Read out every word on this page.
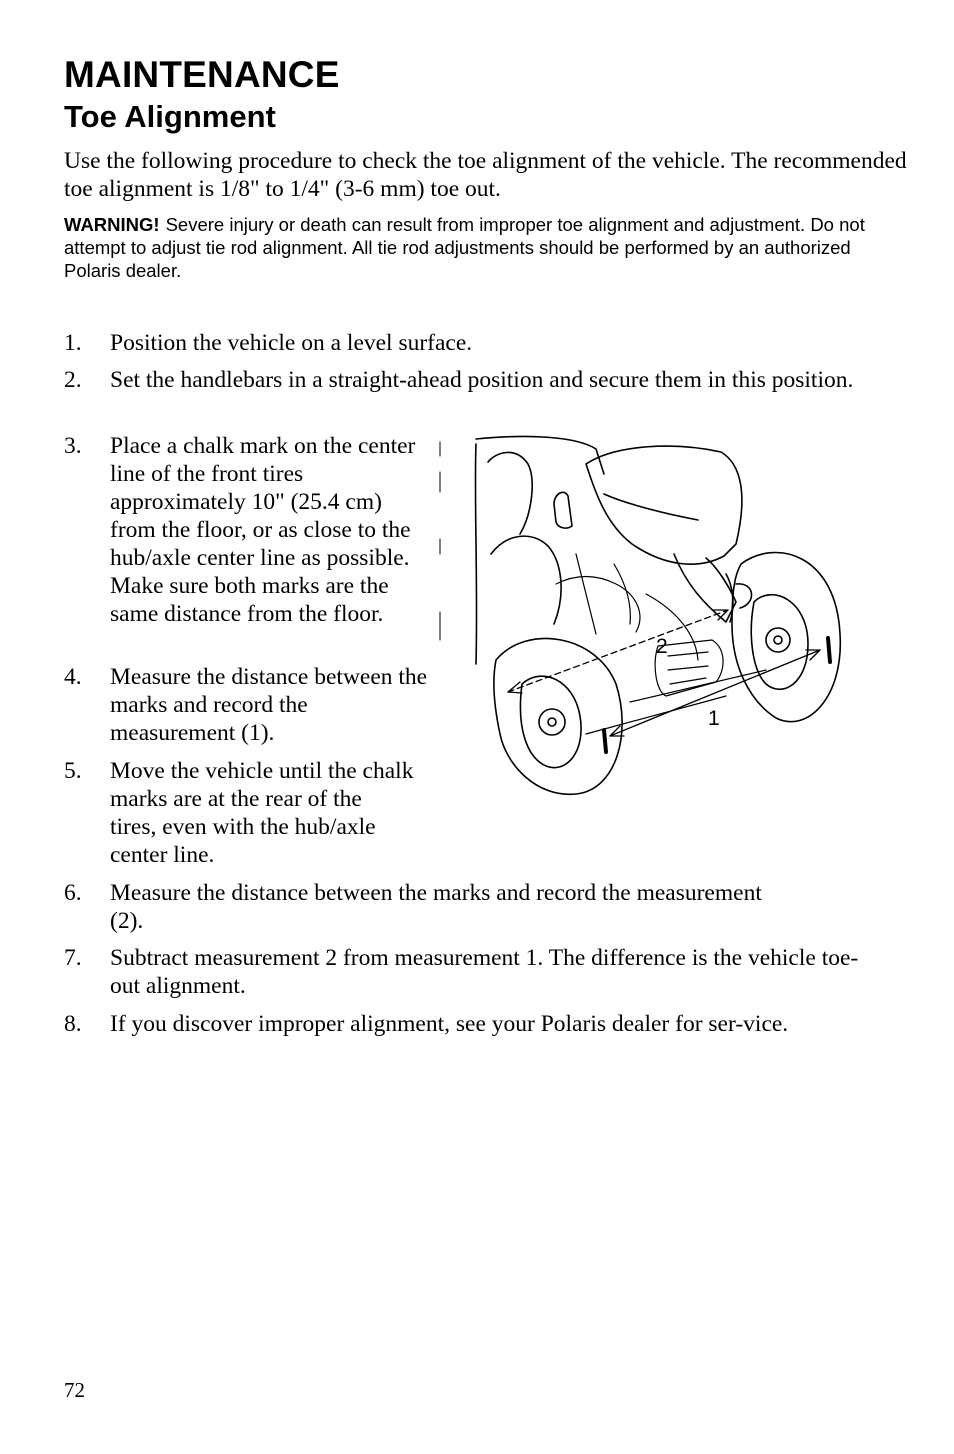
MAINTENANCE
Toe Alignment
Use the following procedure to check the toe alignment of the vehicle. The recommended toe alignment is 1/8" to 1/4" (3-6 mm) toe out.
WARNING! Severe injury or death can result from improper toe alignment and adjustment. Do not attempt to adjust tie rod alignment. All tie rod adjustments should be performed by an authorized Polaris dealer.
1. Position the vehicle on a level surface.
2. Set the handlebars in a straight-ahead position and secure them in this position.
3. Place a chalk mark on the center line of the front tires approximately 10" (25.4 cm) from the floor, or as close to the hub/axle center line as possible. Make sure both marks are the same distance from the floor.
4. Measure the distance between the marks and record the measurement (1).
5. Move the vehicle until the chalk marks are at the rear of the tires, even with the hub/axle center line.
6. Measure the distance between the marks and record the measurement (2).
7. Subtract measurement 2 from measurement 1. The difference is the vehicle toe-out alignment.
8. If you discover improper alignment, see your Polaris dealer for ser-vice.
2
1
72
